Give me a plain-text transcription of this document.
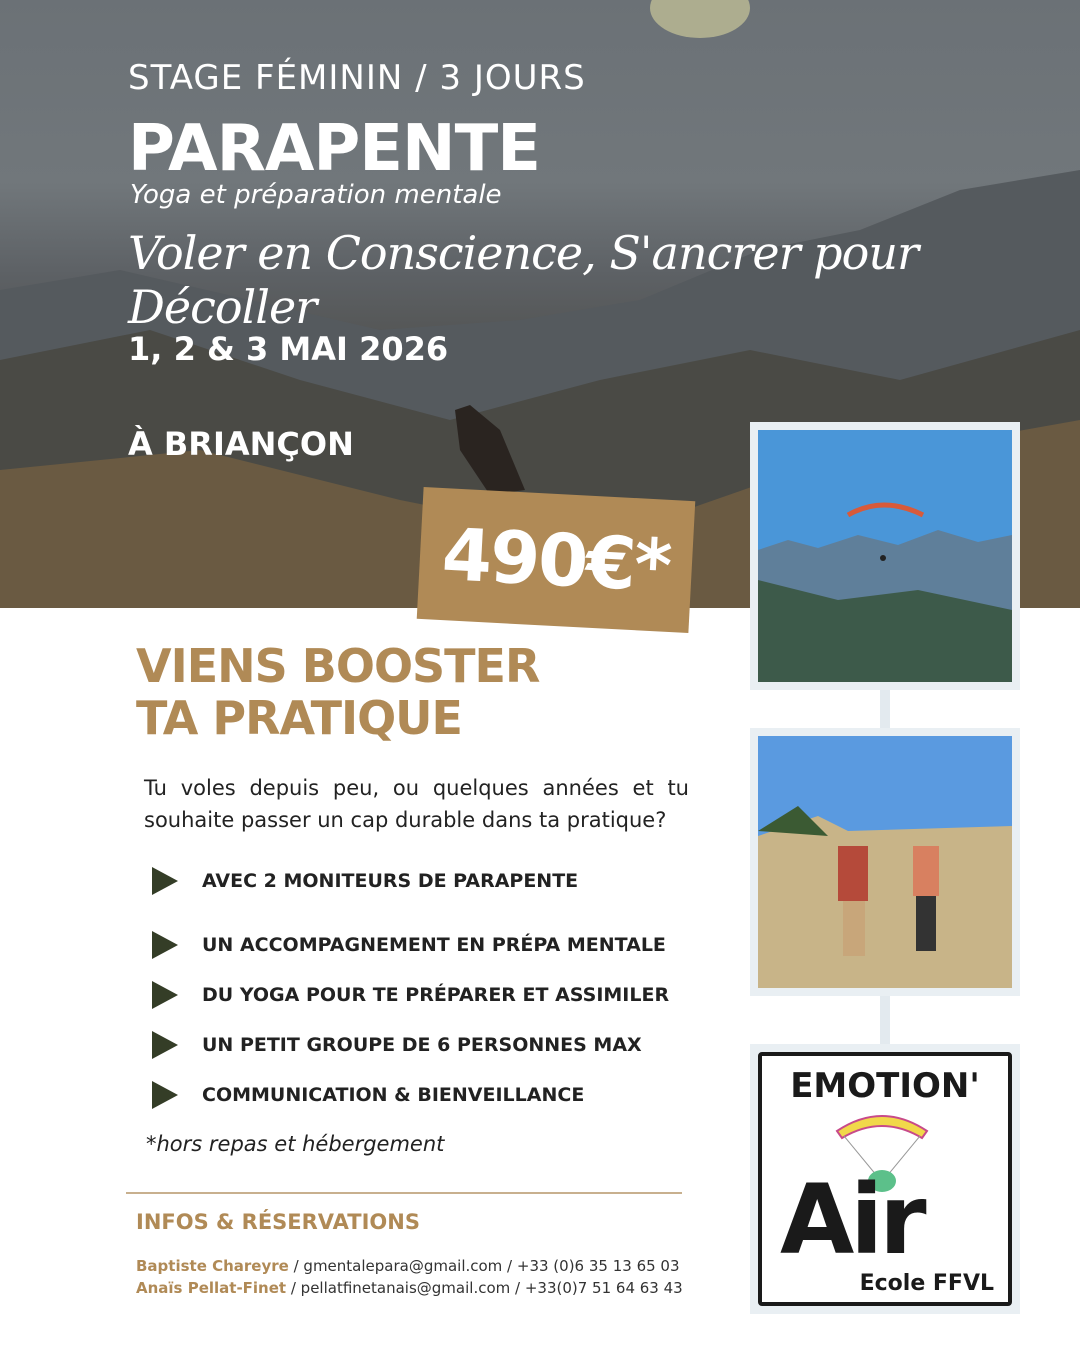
STAGE FÉMININ / 3 JOURS
PARAPENTE
Yoga et préparation mentale
Voler en Conscience, S'ancrer pour Décoller
1, 2 & 3 MAI 2026
À BRIANÇON
490€*
EMOTION'
Air
Ecole FFVL
VIENS BOOSTER
TA PRATIQUE
Tu voles depuis peu, ou quelques années et tu souhaite passer un cap durable dans ta pratique?
AVEC 2 MONITEURS DE PARAPENTE
UN ACCOMPAGNEMENT EN PRÉPA MENTALE
DU YOGA POUR TE PRÉPARER ET ASSIMILER
UN PETIT GROUPE DE 6 PERSONNES MAX
COMMUNICATION & BIENVEILLANCE
*hors repas et hébergement
INFOS & RÉSERVATIONS
Baptiste Chareyre / gmentalepara@gmail.com / +33 (0)6 35 13 65 03
Anaïs Pellat-Finet / pellatfinetanais@gmail.com / +33(0)7 51 64 63 43
